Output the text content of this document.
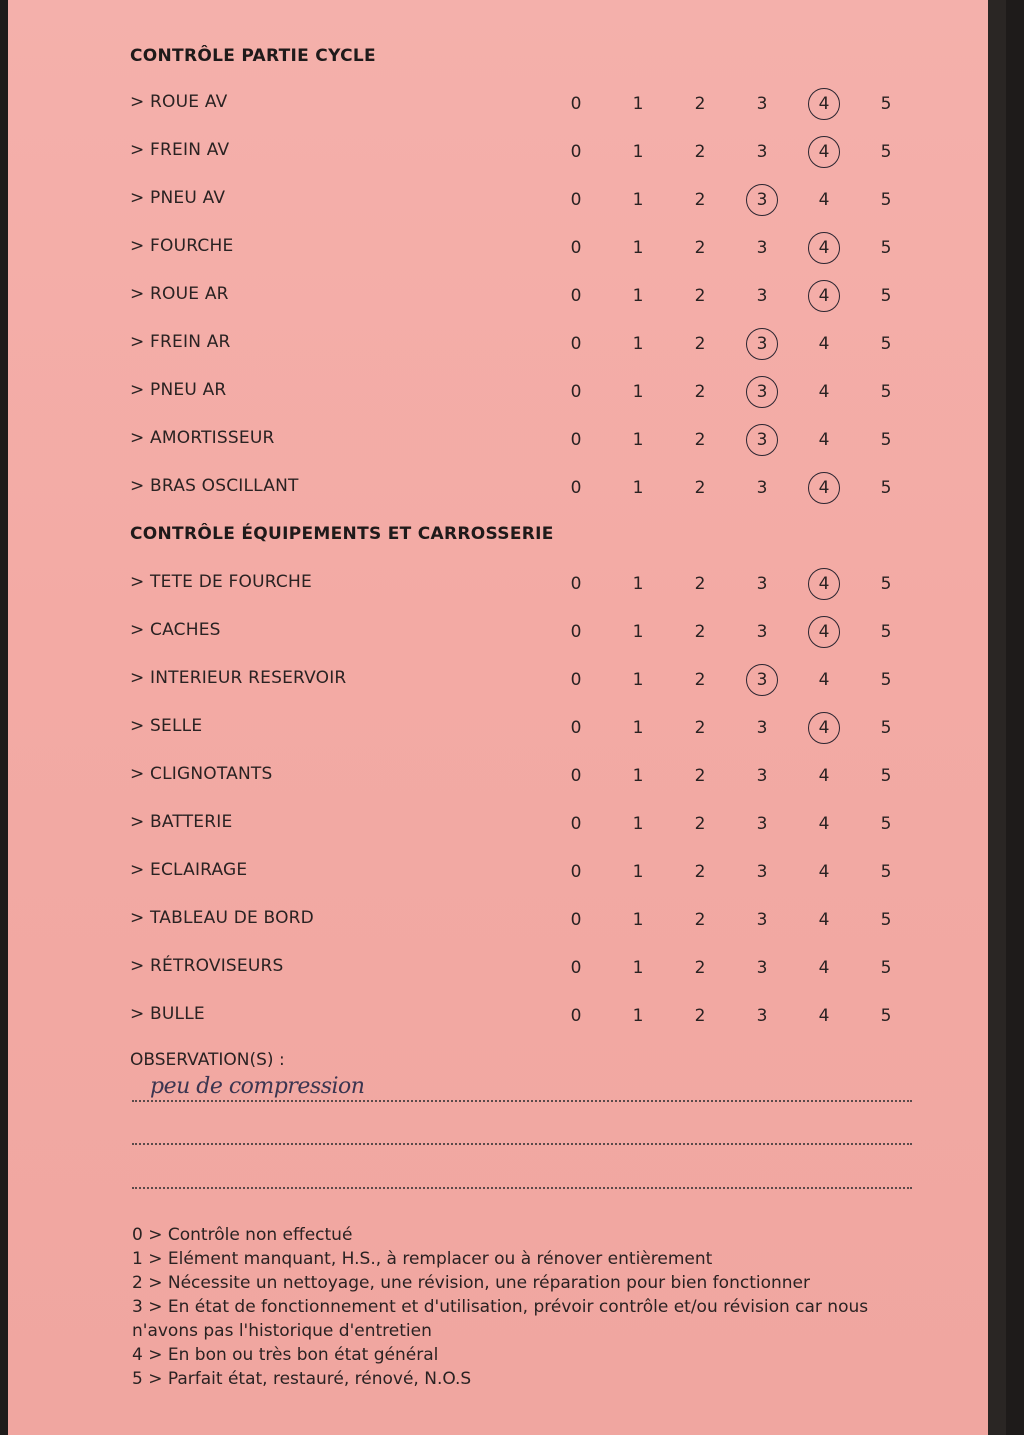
CONTRÔLE PARTIE CYCLE
> ROUE AV	0	1	2	3	4	5
> FREIN AV	0	1	2	3	4	5
> PNEU AV	0	1	2	3	4	5
> FOURCHE	0	1	2	3	4	5
> ROUE AR	0	1	2	3	4	5
> FREIN AR	0	1	2	3	4	5
> PNEU AR	0	1	2	3	4	5
> AMORTISSEUR	0	1	2	3	4	5
> BRAS OSCILLANT	0	1	2	3	4	5
CONTRÔLE ÉQUIPEMENTS ET CARROSSERIE
> TETE DE FOURCHE	0	1	2	3	4	5
> CACHES	0	1	2	3	4	5
> INTERIEUR RESERVOIR	0	1	2	3	4	5
> SELLE	0	1	2	3	4	5
> CLIGNOTANTS	0	1	2	3	4	5
> BATTERIE	0	1	2	3	4	5
> ECLAIRAGE	0	1	2	3	4	5
> TABLEAU DE BORD	0	1	2	3	4	5
> RÉTROVISEURS	0	1	2	3	4	5
> BULLE	0	1	2	3	4	5
OBSERVATION(S) :
peu de compression
0 > Contrôle non effectué
1 > Elément manquant, H.S., à remplacer ou à rénover entièrement
2 > Nécessite un nettoyage, une révision, une réparation pour bien fonctionner
3 > En état de fonctionnement et d'utilisation, prévoir contrôle et/ou révision car nous n'avons pas l'historique d'entretien
4 > En bon ou très bon état général
5 > Parfait état, restauré, rénové, N.O.S
